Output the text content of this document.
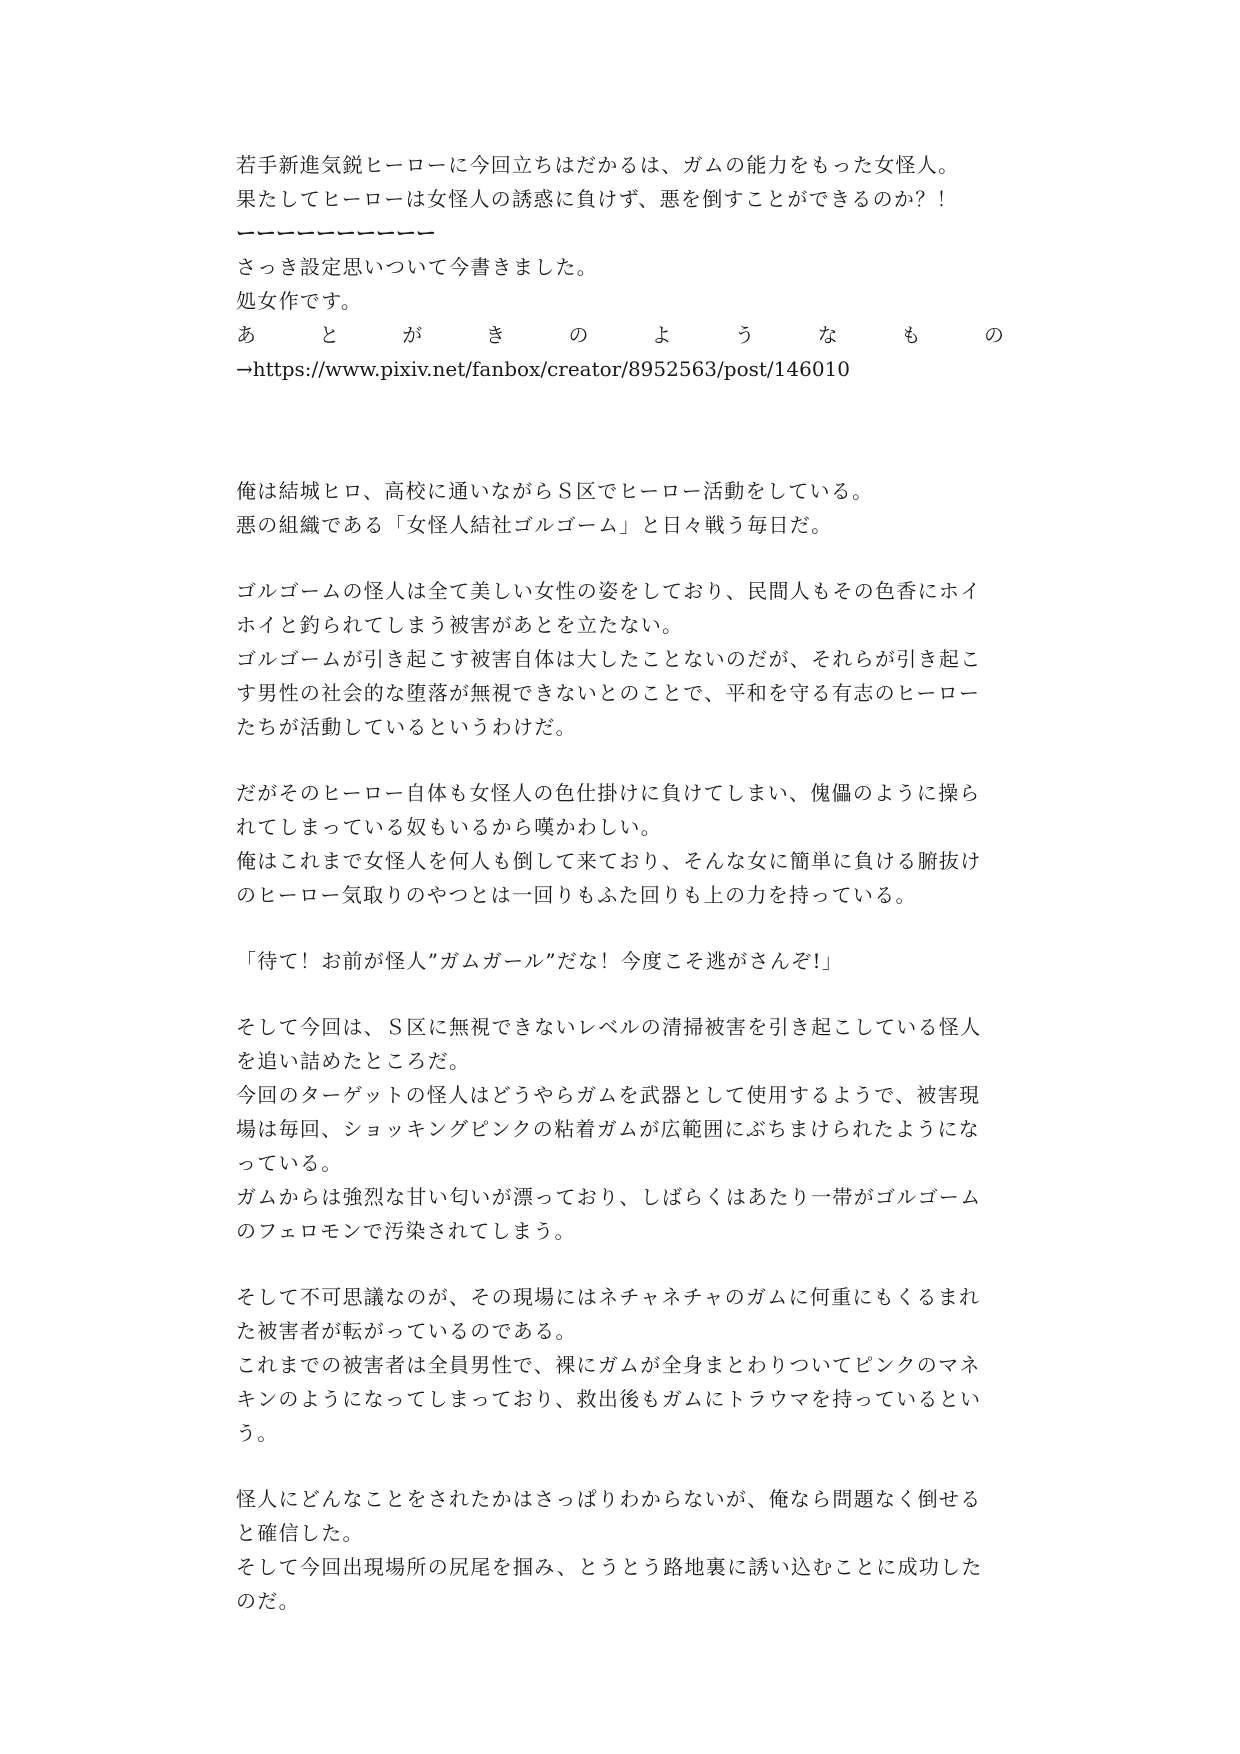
若手新進気鋭ヒーローに今回立ちはだかるは、ガムの能力をもった女怪人。
果たしてヒーローは女怪人の誘惑に負けず、悪を倒すことができるのか？！
ーーーーーーーーーー
さっき設定思いついて今書きました。
処女作です。
あ	と	が	き	の	よ	う	な	も	の
→https://www.pixiv.net/fanbox/creator/8952563/post/146010
俺は結城ヒロ、高校に通いながらＳ区でヒーロー活動をしている。
悪の組織である「女怪人結社ゴルゴーム」と日々戦う毎日だ。
ゴルゴームの怪人は全て美しい女性の姿をしており、民間人もその色香にホイ
ホイと釣られてしまう被害があとを立たない。
ゴルゴームが引き起こす被害自体は大したことないのだが、それらが引き起こ
す男性の社会的な堕落が無視できないとのことで、平和を守る有志のヒーロー
たちが活動しているというわけだ。
だがそのヒーロー自体も女怪人の色仕掛けに負けてしまい、傀儡のように操ら
れてしまっている奴もいるから嘆かわしい。
俺はこれまで女怪人を何人も倒して来ており、そんな女に簡単に負ける腑抜け
のヒーロー気取りのやつとは一回りもふた回りも上の力を持っている。
「待て！お前が怪人”ガムガール”だな！今度こそ逃がさんぞ!」
そして今回は、Ｓ区に無視できないレベルの清掃被害を引き起こしている怪人
を追い詰めたところだ。
今回のターゲットの怪人はどうやらガムを武器として使用するようで、被害現
場は毎回、ショッキングピンクの粘着ガムが広範囲にぶちまけられたようにな
っている。
ガムからは強烈な甘い匂いが漂っており、しばらくはあたり一帯がゴルゴーム
のフェロモンで汚染されてしまう。
そして不可思議なのが、その現場にはネチャネチャのガムに何重にもくるまれ
た被害者が転がっているのである。
これまでの被害者は全員男性で、裸にガムが全身まとわりついてピンクのマネ
キンのようになってしまっており、救出後もガムにトラウマを持っているとい
う。
怪人にどんなことをされたかはさっぱりわからないが、俺なら問題なく倒せる
と確信した。
そして今回出現場所の尻尾を掴み、とうとう路地裏に誘い込むことに成功した
のだ。
